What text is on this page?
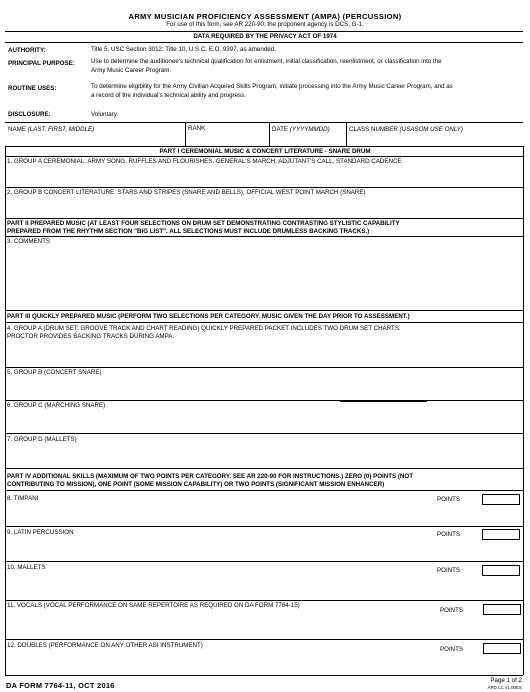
ARMY MUSICIAN PROFICIENCY ASSESSMENT (AMPA) (PERCUSSION)
For use of this form, see AR 220-90; the proponent agency is DCS, G-1.
DATA REQUIRED BY THE PRIVACY ACT OF 1974
AUTHORITY:	Title 5, USC Section 3012; Title 10, U.S.C. E.O. 9397, as amended.
PRINCIPAL PURPOSE:	Use to determine the auditionee's technical qualification for enlistment, initial classification, reenlistment, or classification into the
Army Music Career Program.
ROUTINE USES:	To determine eligibility for the Army Civilian Acquired Skills Program, initiate processing into the Army Music Career Program, and as
a record of the individual's technical ability and progress.
DISCLOSURE:	Voluntary.
NAME (LAST, FIRST, MIDDLE)	RANK	DATE (YYYYMMDD)	CLASS NUMBER (USASOM USE ONLY)
PART I CEREMONIAL MUSIC & CONCERT LITERATURE - SNARE DRUM
1. GROUP A CEREMONIAL: ARMY SONG, RUFFLES AND FLOURISHES, GENERAL'S MARCH, ADJUTANT'S CALL, STANDARD CADENCE
2. GROUP B CONCERT LITERATURE: STARS AND STRIPES (SNARE AND BELLS), OFFICIAL WEST POINT MARCH (SNARE)
PART II PREPARED MUSIC (AT LEAST FOUR SELECTIONS ON DRUM SET DEMONSTRATING CONTRASTING STYLISTIC CAPABILITY
PREPARED FROM THE RHYTHM SECTION "BIG LIST". ALL SELECTIONS MUST INCLUDE DRUMLESS BACKING TRACKS.)
3. COMMENTS
PART III QUICKLY PREPARED MUSIC (PERFORM TWO SELECTIONS PER CATEGORY. MUSIC GIVEN THE DAY PRIOR TO ASSESSMENT.)
4. GROUP A (DRUM SET: GROOVE TRACK AND CHART READING) QUICKLY PREPARED PACKET INCLUDES TWO DRUM SET CHARTS.
PROCTOR PROVIDES BACKING TRACKS DURING AMPA.
5. GROUP B (CONCERT SNARE)
6. GROUP C (MARCHING SNARE)
7. GROUP D (MALLETS)
PART IV ADDITIONAL SKILLS (MAXIMUM OF TWO POINTS PER CATEGORY. SEE AR 220-90 FOR INSTRUCTIONS.) ZERO (0) POINTS (NOT
CONTRIBUTING TO MISSION), ONE POINT (SOME MISSION CAPABILITY) OR TWO POINTS (SIGNIFICANT MISSION ENHANCER)
8. TIMPANI	POINTS
9. LATIN PERCUSSION	POINTS
10. MALLETS	POINTS
11. VOCALS (VOCAL PERFORMANCE ON SAME REPERTOIRE AS REQUIRED ON DA FORM 7764-15)
POINTS
12. DOUBLES (PERFORMANCE ON ANY OTHER ASI INSTRUMENT)
POINTS
DA FORM 7764-11, OCT 2016
Page 1 of 2
APD LC v1.00ES
